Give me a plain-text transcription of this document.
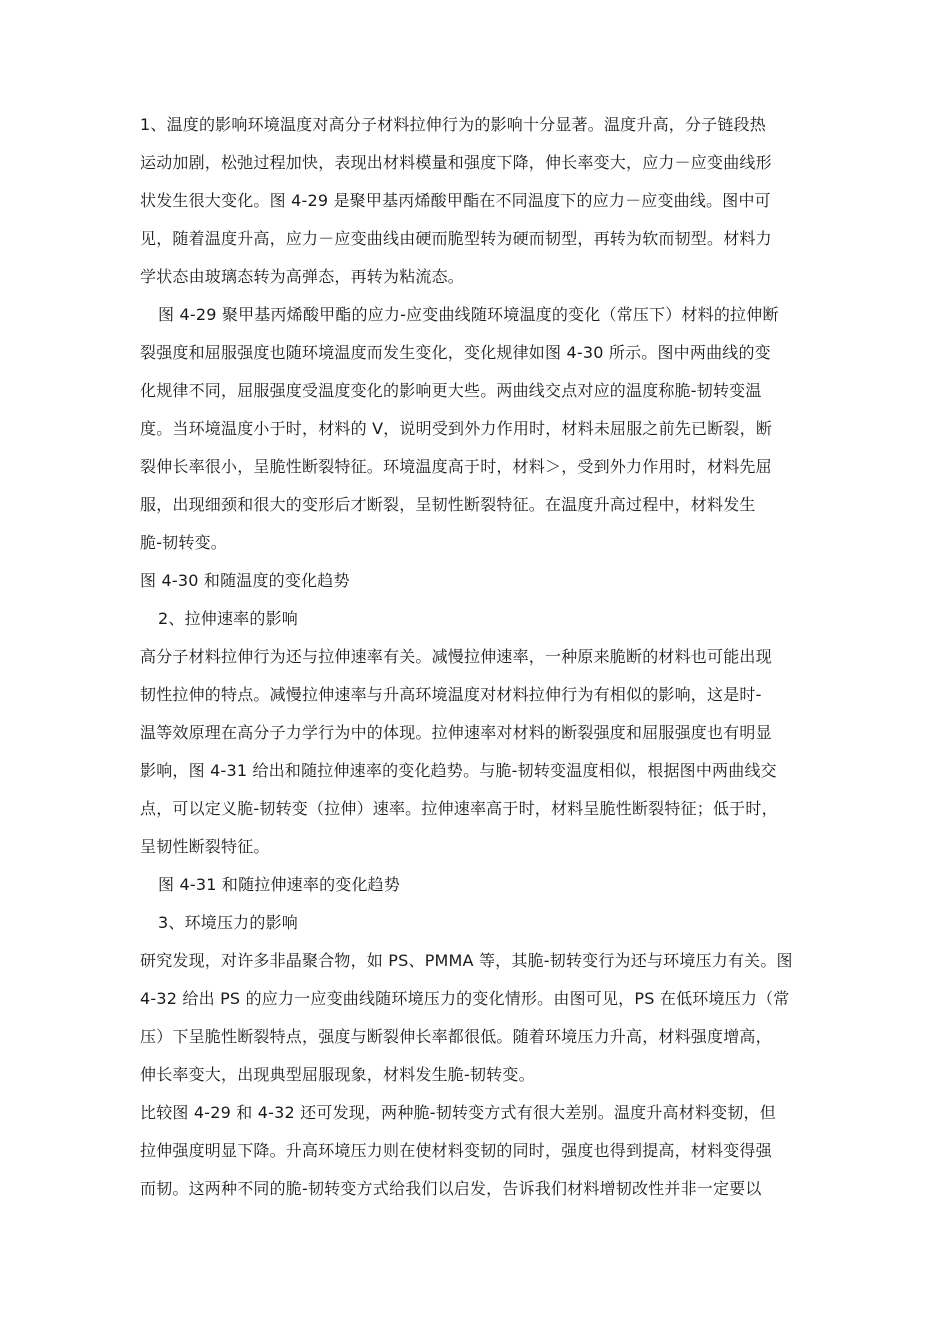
1、温度的影响环境温度对高分子材料拉伸行为的影响十分显著。温度升高，分子链段热
运动加剧，松弛过程加快，表现出材料模量和强度下降，伸长率变大，应力－应变曲线形
状发生很大变化。图 4-29 是聚甲基丙烯酸甲酯在不同温度下的应力－应变曲线。图中可
见，随着温度升高，应力－应变曲线由硬而脆型转为硬而韧型，再转为软而韧型。材料力
学状态由玻璃态转为高弹态，再转为粘流态。
图 4-29 聚甲基丙烯酸甲酯的应力-应变曲线随环境温度的变化（常压下）材料的拉伸断
裂强度和屈服强度也随环境温度而发生变化，变化规律如图 4-30 所示。图中两曲线的变
化规律不同，屈服强度受温度变化的影响更大些。两曲线交点对应的温度称脆-韧转变温
度。当环境温度小于时，材料的 V，说明受到外力作用时，材料未屈服之前先已断裂，断
裂伸长率很小，呈脆性断裂特征。环境温度高于时，材料＞，受到外力作用时，材料先屈
服，出现细颈和很大的变形后才断裂，呈韧性断裂特征。在温度升高过程中，材料发生
脆-韧转变。
图 4-30 和随温度的变化趋势
2、拉伸速率的影响
高分子材料拉伸行为还与拉伸速率有关。减慢拉伸速率，一种原来脆断的材料也可能出现
韧性拉伸的特点。减慢拉伸速率与升高环境温度对材料拉伸行为有相似的影响，这是时-
温等效原理在高分子力学行为中的体现。拉伸速率对材料的断裂强度和屈服强度也有明显
影响，图 4-31 给出和随拉伸速率的变化趋势。与脆-韧转变温度相似，根据图中两曲线交
点，可以定义脆-韧转变（拉伸）速率。拉伸速率高于时，材料呈脆性断裂特征；低于时，
呈韧性断裂特征。
图 4-31 和随拉伸速率的变化趋势
3、环境压力的影响
研究发现，对许多非晶聚合物，如 PS、PMMA 等，其脆-韧转变行为还与环境压力有关。图
4-32 给出 PS 的应力一应变曲线随环境压力的变化情形。由图可见，PS 在低环境压力（常
压）下呈脆性断裂特点，强度与断裂伸长率都很低。随着环境压力升高，材料强度增高，
伸长率变大，出现典型屈服现象，材料发生脆-韧转变。
比较图 4-29 和 4-32 还可发现，两种脆-韧转变方式有很大差别。温度升高材料变韧，但
拉伸强度明显下降。升高环境压力则在使材料变韧的同时，强度也得到提高，材料变得强
而韧。这两种不同的脆-韧转变方式给我们以启发，告诉我们材料增韧改性并非一定要以
